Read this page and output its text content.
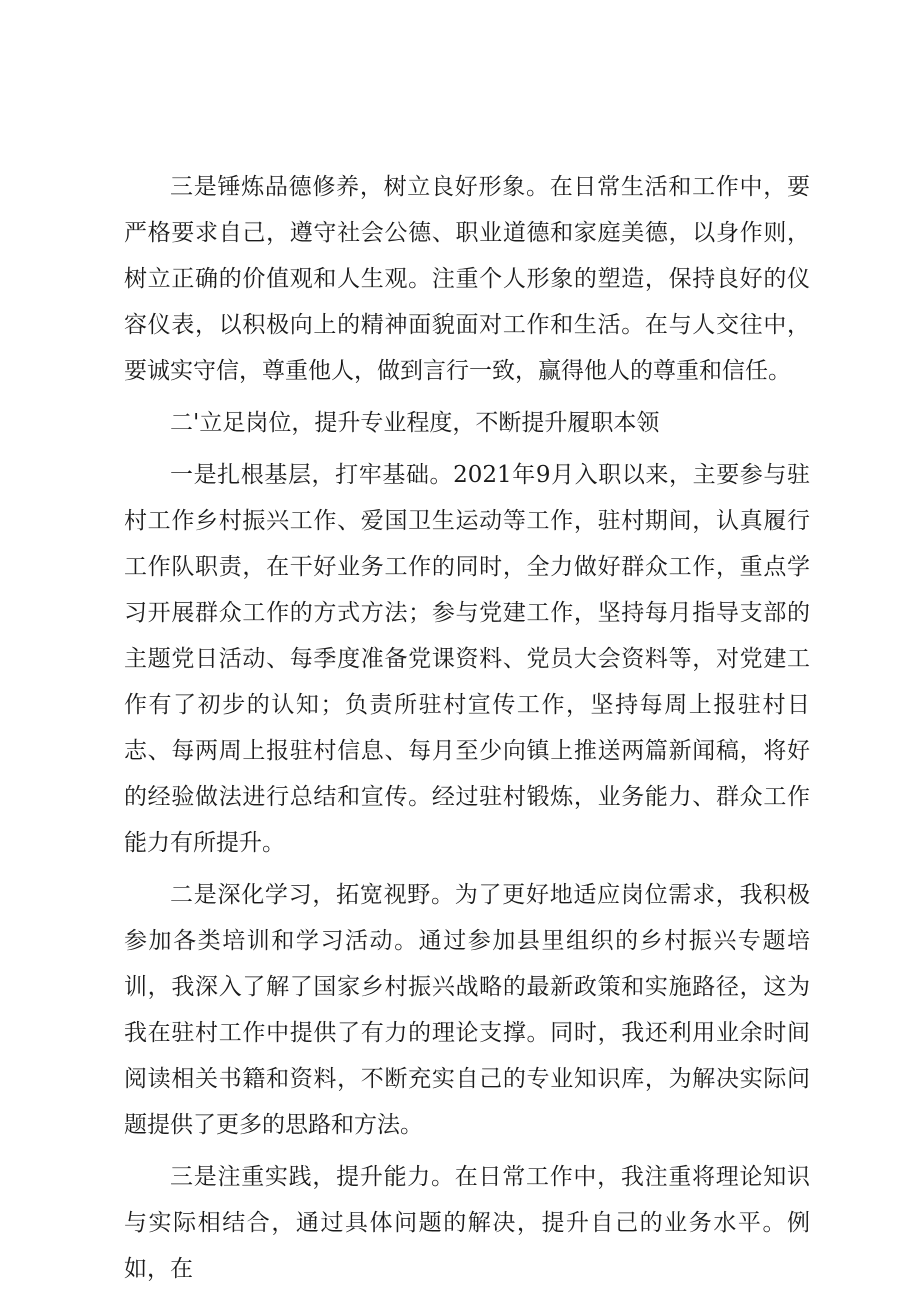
三是锤炼品德修养，树立良好形象。在日常生活和工作中，要严格要求自己，遵守社会公德、职业道德和家庭美德，以身作则，树立正确的价值观和人生观。注重个人形象的塑造，保持良好的仪容仪表，以积极向上的精神面貌面对工作和生活。在与人交往中，要诚实守信，尊重他人，做到言行一致，赢得他人的尊重和信任。

二'立足岗位，提升专业程度，不断提升履职本领

一是扎根基层，打牢基础。2021年9月入职以来，主要参与驻村工作乡村振兴工作、爱国卫生运动等工作，驻村期间，认真履行工作队职责，在干好业务工作的同时，全力做好群众工作，重点学习开展群众工作的方式方法；参与党建工作，坚持每月指导支部的主题党日活动、每季度准备党课资料、党员大会资料等，对党建工作有了初步的认知；负责所驻村宣传工作，坚持每周上报驻村日志、每两周上报驻村信息、每月至少向镇上推送两篇新闻稿，将好的经验做法进行总结和宣传。经过驻村锻炼，业务能力、群众工作能力有所提升。

二是深化学习，拓宽视野。为了更好地适应岗位需求，我积极参加各类培训和学习活动。通过参加县里组织的乡村振兴专题培训，我深入了解了国家乡村振兴战略的最新政策和实施路径，这为我在驻村工作中提供了有力的理论支撑。同时，我还利用业余时间阅读相关书籍和资料，不断充实自己的专业知识库，为解决实际问题提供了更多的思路和方法。

三是注重实践，提升能力。在日常工作中，我注重将理论知识与实际相结合，通过具体问题的解决，提升自己的业务水平。例如，在
